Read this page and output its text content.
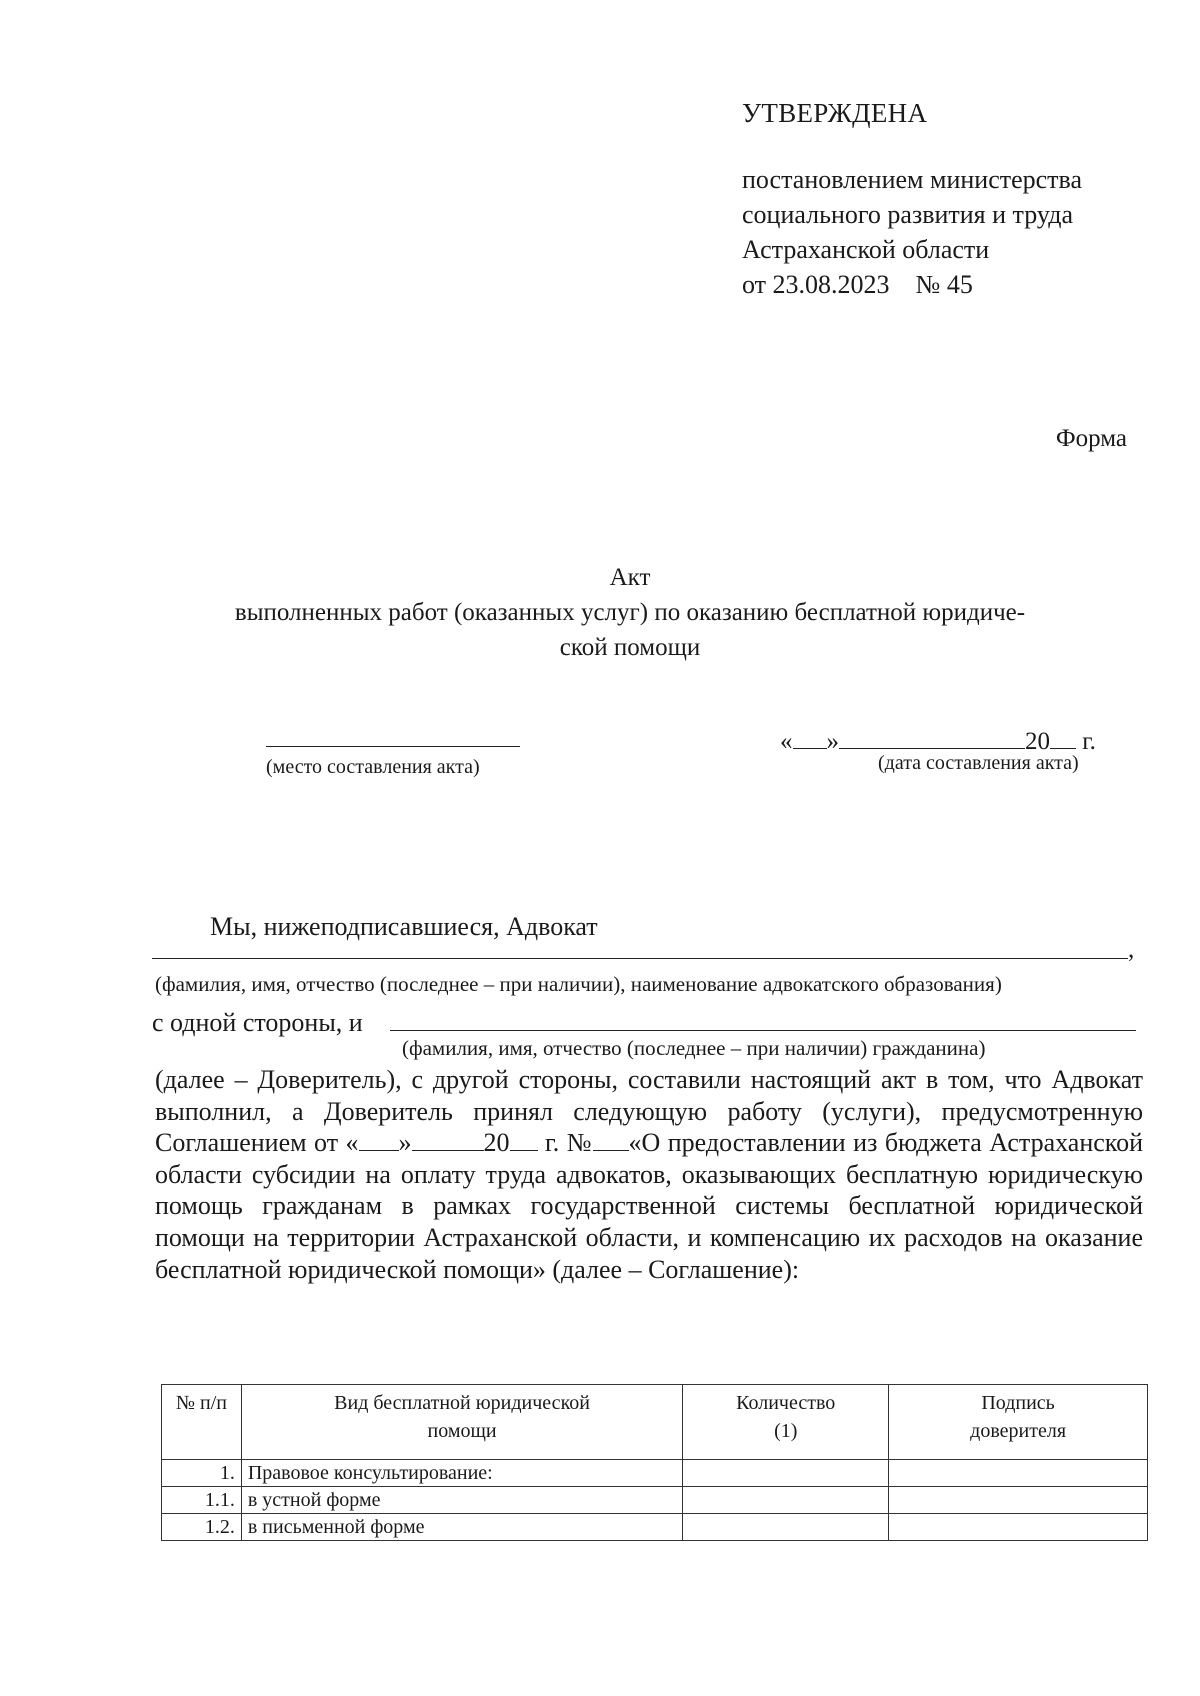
УТВЕРЖДЕНА
постановлением министерства
социального развития и труда
Астраханской области
от 23.08.2023    № 45
Форма
Акт
выполненных работ (оказанных услуг) по оказанию бесплатной юридиче-
ской помощи
(место составления акта)
« »	20 г.
(дата составления акта)
Мы, нижеподписавшиеся, Адвокат
,
(фамилия, имя, отчество (последнее – при наличии), наименование адвокатского образования)
с одной стороны, и
(фамилия, имя, отчество (последнее – при наличии) гражданина)
(далее – Доверитель), с другой стороны, составили настоящий акт в том, что Адвокат выполнил, а Доверитель принял следующую работу (услуги), предусмотренную Соглашением от « »	20 г. № «О предоставлении из бюджета Астраханской области субсидии на оплату труда адвокатов, оказывающих бесплатную юридическую помощь гражданам в рамках государственной системы бесплатной юридической помощи на территории Астраханской области, и компенсацию их расходов на оказание бесплатной юридической помощи» (далее – Соглашение):
№ п/п	Вид бесплатной юридической помощи	Количество (1)	Подпись доверителя
1.	Правовое консультирование:		
1.1.	в устной форме		
1.2.	в письменной форме		
